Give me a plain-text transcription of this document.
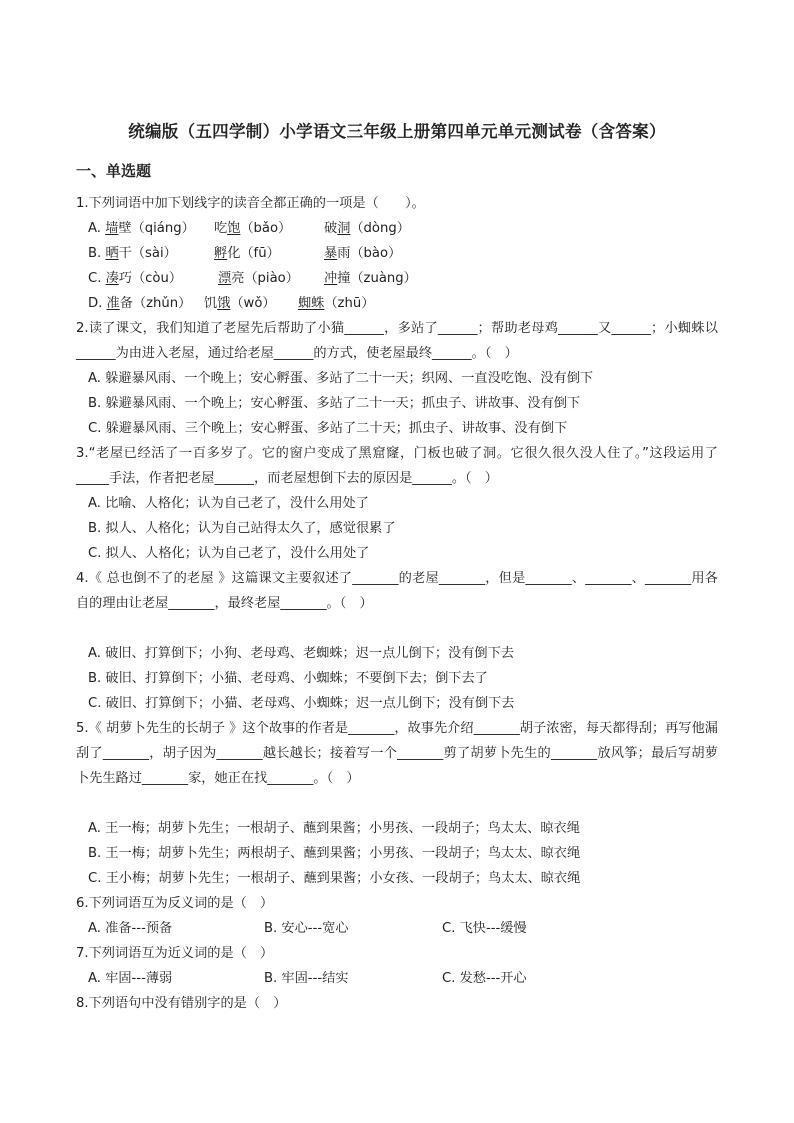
统编版（五四学制）小学语文三年级上册第四单元单元测试卷（含答案）
一、单选题
1.下列词语中加下划线字的读音全都正确的一项是（　　）。
A. 墙壁（qiáng） 吃饱（bǎo） 破洞（dòng）
B. 晒干（sài）	孵化（fū）	暴雨（bào）
C. 凑巧（còu）	漂亮（piào） 冲撞（zuàng）
D. 准备（zhǔn） 饥饿（wǒ） 蜘蛛（zhū）
2.读了课文，我们知道了老屋先后帮助了小猫______，多站了______；帮助老母鸡______又______；小蜘蛛以______为由进入老屋，通过给老屋______的方式，使老屋最终______。（　）
A. 躲避暴风雨、一个晚上；安心孵蛋、多站了二十一天；织网、一直没吃饱、没有倒下
B. 躲避暴风雨、一个晚上；安心孵蛋、多站了二十一天；抓虫子、讲故事、没有倒下
C. 躲避暴风雨、三个晚上；安心孵蛋、多站了二十天；抓虫子、讲故事、没有倒下
3.“老屋已经活了一百多岁了。它的窗户变成了黑窟窿，门板也破了洞。它很久很久没人住了。”这段运用了_____手法，作者把老屋______，而老屋想倒下去的原因是______。（　）
A. 比喻、人格化；认为自己老了，没什么用处了
B. 拟人、人格化；认为自己站得太久了，感觉很累了
C. 拟人、人格化；认为自己老了，没什么用处了
4.《 总也倒不了的老屋 》这篇课文主要叙述了_______的老屋_______，但是_______、_______、_______用各自的理由让老屋_______，最终老屋_______。（　）
A. 破旧、打算倒下；小狗、老母鸡、老蜘蛛；迟一点儿倒下；没有倒下去
B. 破旧、打算倒下；小猫、老母鸡、小蜘蛛；不要倒下去；倒下去了
C. 破旧、打算倒下；小猫、老母鸡、小蜘蛛；迟一点儿倒下；没有倒下去
5.《 胡萝卜先生的长胡子 》这个故事的作者是_______，故事先介绍_______胡子浓密，每天都得刮；再写他漏刮了_______，胡子因为_______越长越长；接着写一个_______剪了胡萝卜先生的_______放风筝；最后写胡萝卜先生路过_______家，她正在找_______。（　）
A. 王一梅；胡萝卜先生；一根胡子、蘸到果酱；小男孩、一段胡子；鸟太太、晾衣绳
B. 王一梅；胡萝卜先生；两根胡子、蘸到果酱；小男孩、一段胡子；鸟太太、晾衣绳
C. 王小梅；胡萝卜先生；一根胡子、蘸到果酱；小女孩、一段胡子；鸟太太、晾衣绳
6.下列词语互为反义词的是（　）
A. 准备---预备	B. 安心---宽心	C. 飞快---缓慢
7.下列词语互为近义词的是（　）
A. 牢固---薄弱	B. 牢固---结实	C. 发愁---开心
8.下列语句中没有错别字的是（　）
